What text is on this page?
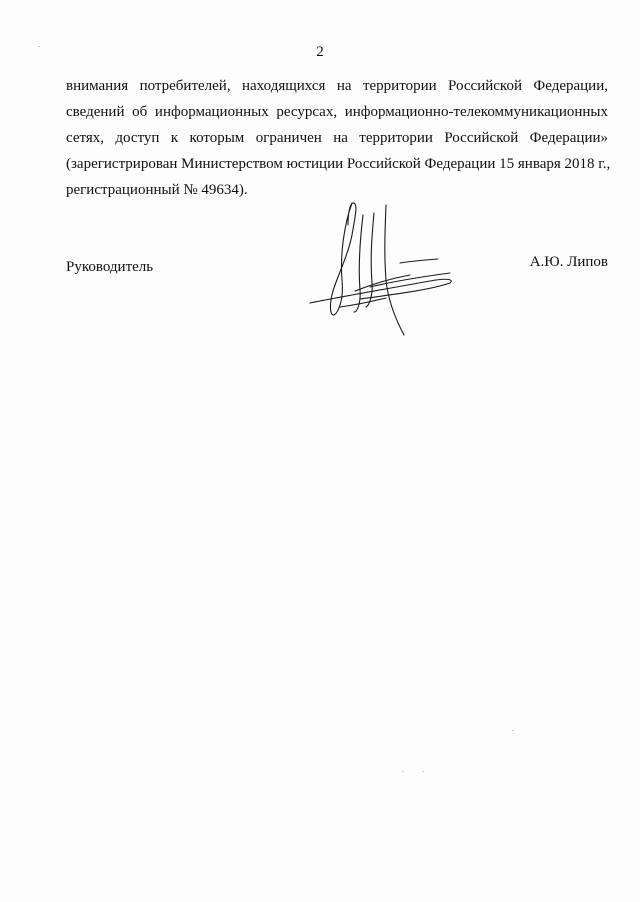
2
внимания потребителей, находящихся на территории Российской Федерации,
сведений об информационных ресурсах, информационно-телекоммуникационных
сетях, доступ к которым ограничен на территории Российской Федерации»
(зарегистрирован Министерством юстиции Российской Федерации 15 января 2018 г.,
регистрационный № 49634).
Руководитель	А.Ю. Липов
